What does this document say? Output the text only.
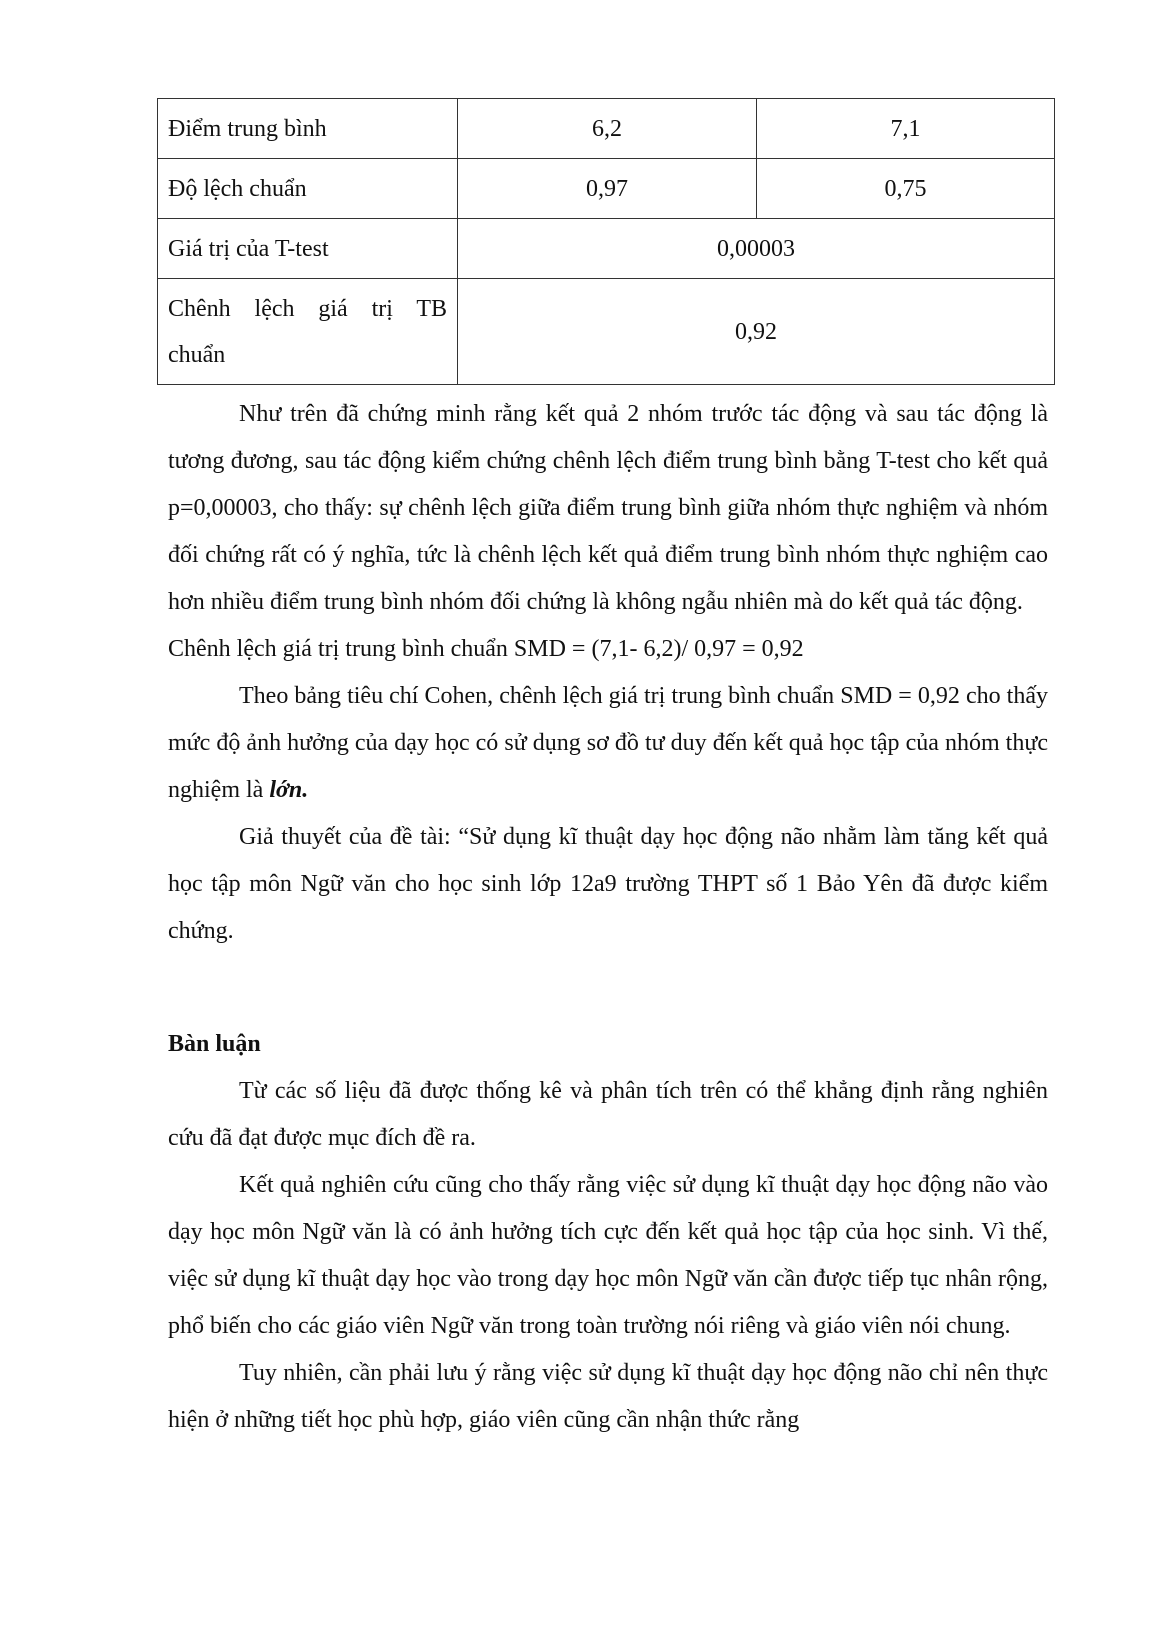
Điểm trung bình	6,2	7,1
Độ lệch chuẩn	0,97	0,75
Giá trị của T-test	0,00003	

Chênh lệch giá trị TB
chuẩn	0,92	

Như trên đã chứng minh rằng kết quả 2 nhóm trước tác động và sau tác động là tương đương, sau tác động kiểm chứng chênh lệch điểm trung bình bằng T-test cho kết quả p=0,00003, cho thấy: sự chênh lệch giữa điểm trung bình giữa nhóm thực nghiệm và nhóm đối chứng rất có ý nghĩa, tức là chênh lệch kết quả điểm trung bình nhóm thực nghiệm cao hơn nhiều điểm trung bình nhóm đối chứng là không ngẫu nhiên mà do kết quả tác động.

Chênh lệch giá trị trung bình chuẩn SMD = (7,1- 6,2)/ 0,97 = 0,92

Theo bảng tiêu chí Cohen, chênh lệch giá trị trung bình chuẩn SMD = 0,92 cho thấy mức độ ảnh hưởng của dạy học có sử dụng sơ đồ tư duy đến kết quả học tập của nhóm thực nghiệm là lớn.

Giả thuyết của đề tài: “Sử dụng kĩ thuật dạy học động não nhằm làm tăng kết quả học tập môn Ngữ văn cho học sinh lớp 12a9 trường THPT số 1 Bảo Yên đã được kiểm chứng.

Bàn luận

Từ các số liệu đã được thống kê và phân tích trên có thể khẳng định rằng nghiên cứu đã đạt được mục đích đề ra.

Kết quả nghiên cứu cũng cho thấy rằng việc sử dụng kĩ thuật dạy học động não vào dạy học môn Ngữ văn là có ảnh hưởng tích cực đến kết quả học tập của học sinh. Vì thế, việc sử dụng kĩ thuật dạy học vào trong dạy học môn Ngữ văn cần được tiếp tục nhân rộng, phổ biến cho các giáo viên Ngữ văn trong toàn trường nói riêng và giáo viên nói chung.

Tuy nhiên, cần phải lưu ý rằng việc sử dụng kĩ thuật dạy học động não chỉ nên thực hiện ở những tiết học phù hợp, giáo viên cũng cần nhận thức rằng
